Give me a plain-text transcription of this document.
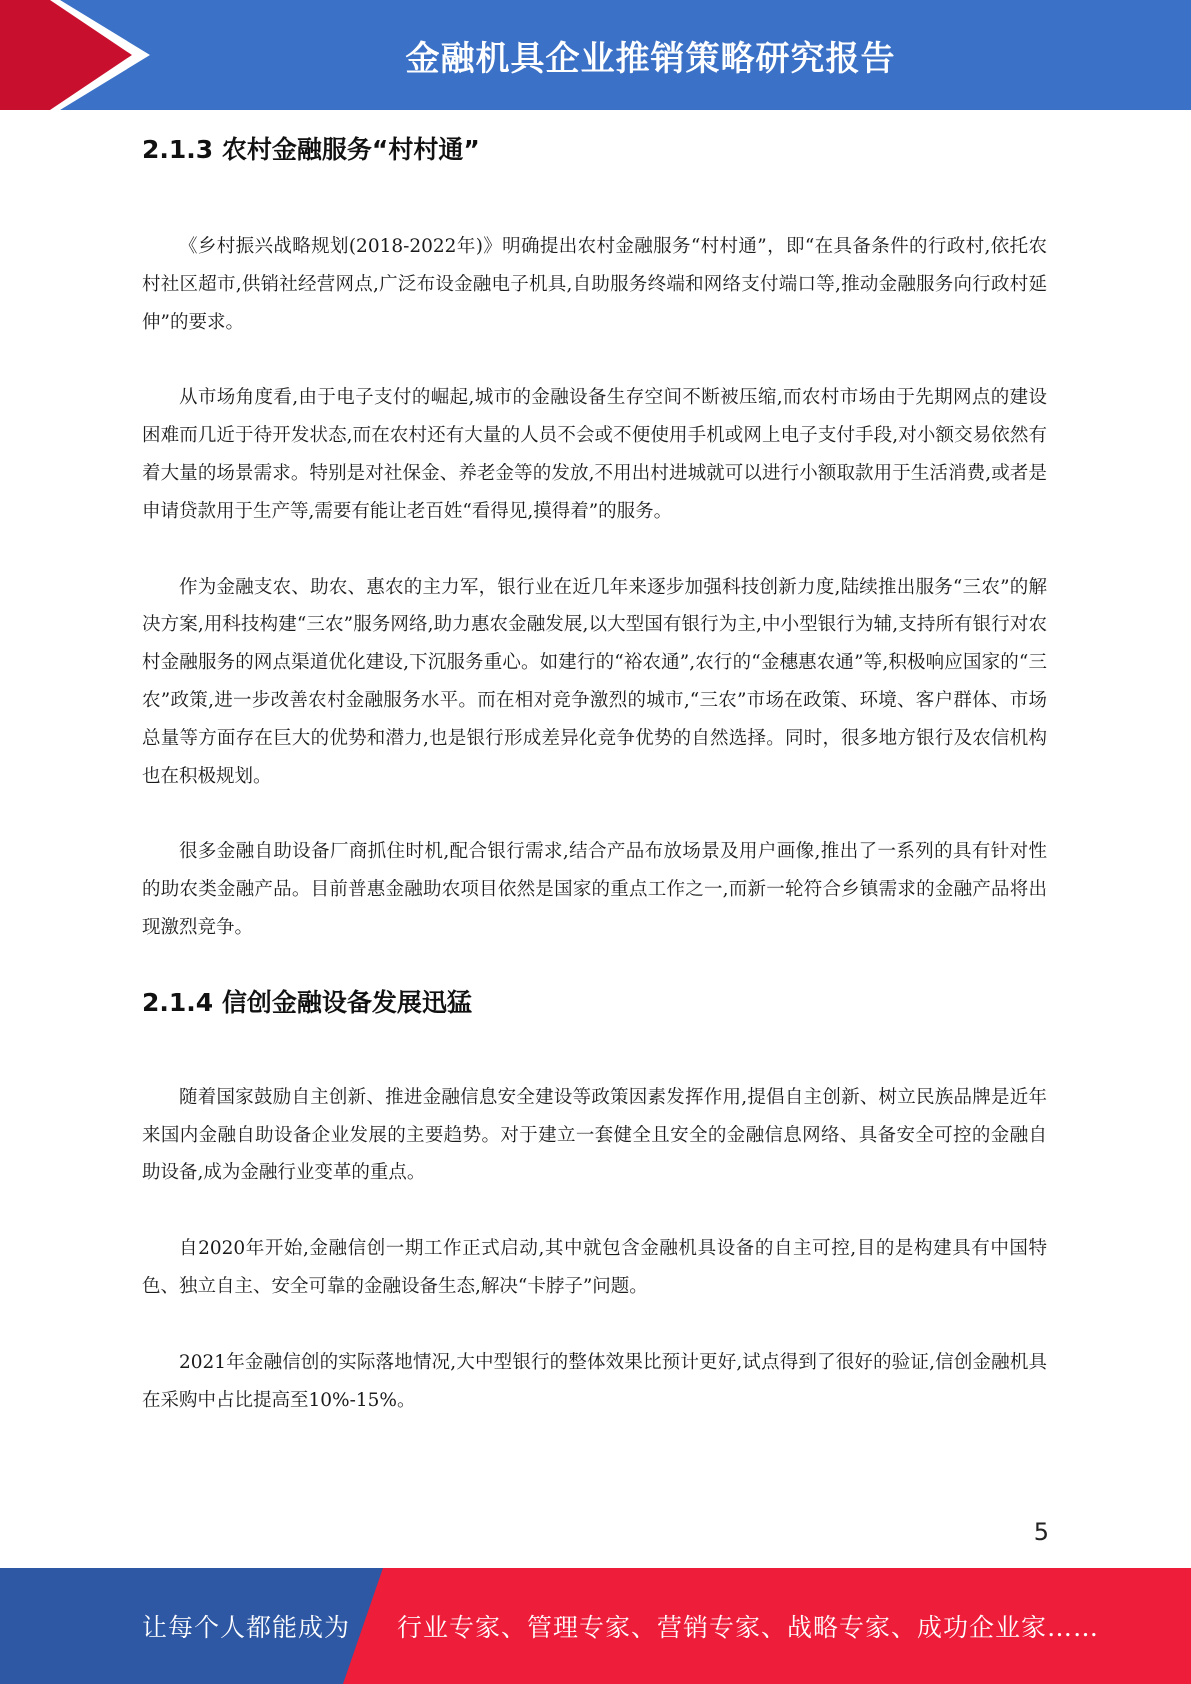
金融机具企业推销策略研究报告
2.1.3 农村金融服务“村村通”

《乡村振兴战略规划(2018-2022年)》明确提出农村金融服务“村村通”，即“在具备条件的行政村,依托农村社区超市,供销社经营网点,广泛布设金融电子机具,自助服务终端和网络支付端口等,推动金融服务向行政村延伸”的要求。

从市场角度看,由于电子支付的崛起,城市的金融设备生存空间不断被压缩,而农村市场由于先期网点的建设困难而几近于待开发状态,而在农村还有大量的人员不会或不便使用手机或网上电子支付手段,对小额交易依然有着大量的场景需求。特别是对社保金、养老金等的发放,不用出村进城就可以进行小额取款用于生活消费,或者是申请贷款用于生产等,需要有能让老百姓“看得见,摸得着”的服务。

作为金融支农、助农、惠农的主力军，银行业在近几年来逐步加强科技创新力度,陆续推出服务“三农”的解决方案,用科技构建“三农”服务网络,助力惠农金融发展,以大型国有银行为主,中小型银行为辅,支持所有银行对农村金融服务的网点渠道优化建设,下沉服务重心。如建行的“裕农通”,农行的“金穗惠农通”等,积极响应国家的“三农”政策,进一步改善农村金融服务水平。而在相对竞争激烈的城市,“三农”市场在政策、环境、客户群体、市场总量等方面存在巨大的优势和潜力,也是银行形成差异化竞争优势的自然选择。同时，很多地方银行及农信机构也在积极规划。

很多金融自助设备厂商抓住时机,配合银行需求,结合产品布放场景及用户画像,推出了一系列的具有针对性的助农类金融产品。目前普惠金融助农项目依然是国家的重点工作之一,而新一轮符合乡镇需求的金融产品将出现激烈竞争。

2.1.4 信创金融设备发展迅猛

随着国家鼓励自主创新、推进金融信息安全建设等政策因素发挥作用,提倡自主创新、树立民族品牌是近年来国内金融自助设备企业发展的主要趋势。对于建立一套健全且安全的金融信息网络、具备安全可控的金融自助设备,成为金融行业变革的重点。

自2020年开始,金融信创一期工作正式启动,其中就包含金融机具设备的自主可控,目的是构建具有中国特色、独立自主、安全可靠的金融设备生态,解决“卡脖子”问题。

2021年金融信创的实际落地情况,大中型银行的整体效果比预计更好,试点得到了很好的验证,信创金融机具在采购中占比提高至10%-15%。

5
让每个人都能成为 行业专家、管理专家、营销专家、战略专家、成功企业家……
